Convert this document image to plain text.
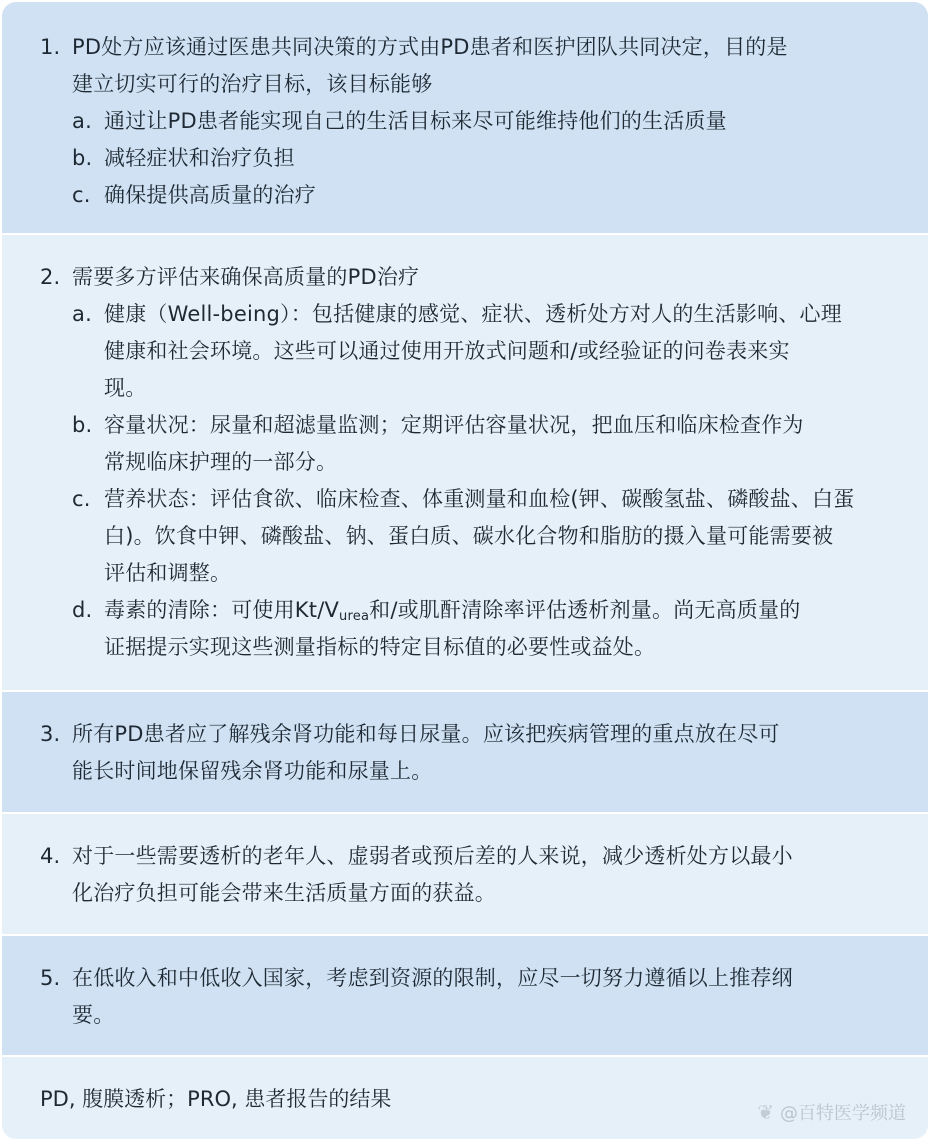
1. PD处方应该通过医患共同决策的方式由PD患者和医护团队共同决定，目的是
建立切实可行的治疗目标，该目标能够
a. 通过让PD患者能实现自己的生活目标来尽可能维持他们的生活质量
b. 减轻症状和治疗负担
c. 确保提供高质量的治疗
2. 需要多方评估来确保高质量的PD治疗
a. 健康（Well-being）：包括健康的感觉、症状、透析处方对人的生活影响、心理
健康和社会环境。这些可以通过使用开放式问题和/或经验证的问卷表来实
现。
b. 容量状况：尿量和超滤量监测；定期评估容量状况，把血压和临床检查作为
常规临床护理的一部分。
c. 营养状态：评估食欲、临床检查、体重测量和血检(钾、碳酸氢盐、磷酸盐、白蛋
白)。饮食中钾、磷酸盐、钠、蛋白质、碳水化合物和脂肪的摄入量可能需要被
评估和调整。
d. 毒素的清除：可使用$Kt/V_{urea}$和/或肌酐清除率评估透析剂量。尚无高质量的
证据提示实现这些测量指标的特定目标值的必要性或益处。
3. 所有PD患者应了解残余肾功能和每日尿量。应该把疾病管理的重点放在尽可
能长时间地保留残余肾功能和尿量上。
4. 对于一些需要透析的老年人、虚弱者或预后差的人来说，减少透析处方以最小
化治疗负担可能会带来生活质量方面的获益。
5. 在低收入和中低收入国家，考虑到资源的限制，应尽一切努力遵循以上推荐纲
要。
PD, 腹膜透析；PRO, 患者报告的结果
❦ @百特医学频道
